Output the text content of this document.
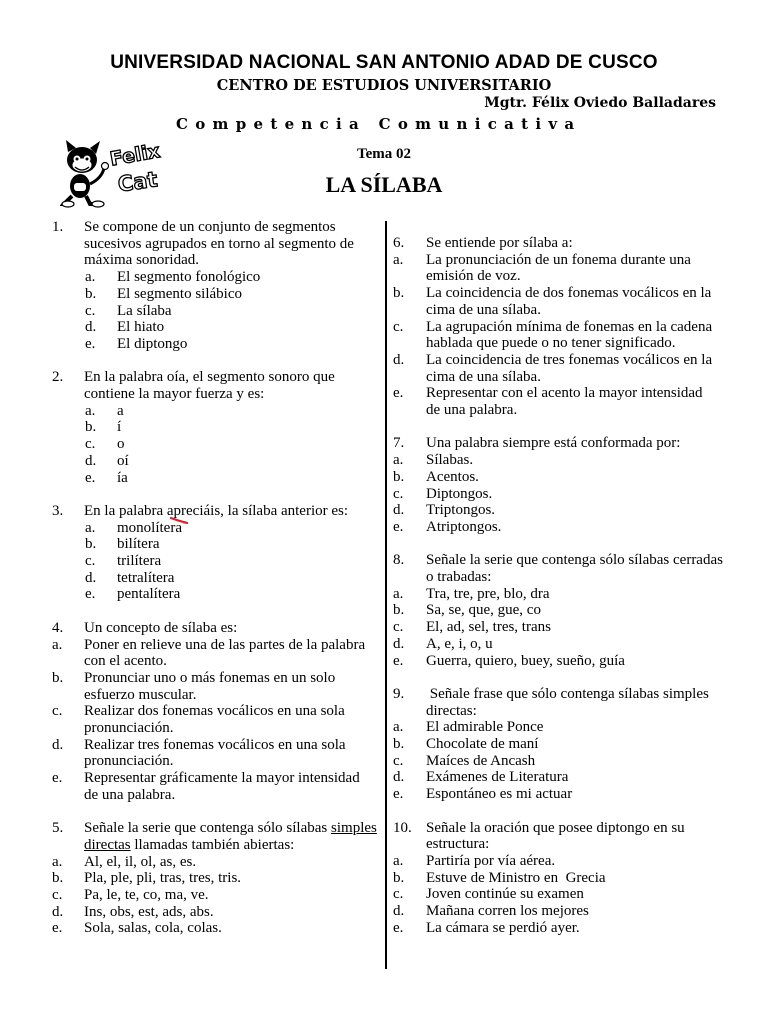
UNIVERSIDAD NACIONAL SAN ANTONIO ADAD DE CUSCO
CENTRO DE ESTUDIOS UNIVERSITARIO
Mgtr. Félix Oviedo Balladares
Competencia Comunicativa
Tema 02
LA SÍLABA
Felix
Cat
1. Se compone de un conjunto de segmentos sucesivos agrupados en torno al segmento de máxima sonoridad.
a. El segmento fonológico
b. El segmento silábico
c. La sílaba
d. El hiato
e. El diptongo
2. En la palabra oía, el segmento sonoro que contiene la mayor fuerza y es:
a. a
b. í
c. o
d. oí
e. ía
3. En la palabra apreciáis, la sílaba anterior es:
a. monolítera
b. bilítera
c. trilítera
d. tetralítera
e. pentalítera
4. Un concepto de sílaba es:
a. Poner en relieve una de las partes de la palabra con el acento.
b. Pronunciar uno o más fonemas en un solo esfuerzo muscular.
c. Realizar dos fonemas vocálicos en una sola pronunciación.
d. Realizar tres fonemas vocálicos en una sola pronunciación.
e. Representar gráficamente la mayor intensidad de una palabra.
5. Señale la serie que contenga sólo sílabas simples directas llamadas también abiertas:
a. Al, el, il, ol, as, es.
b. Pla, ple, pli, tras, tres, tris.
c. Pa, le, te, co, ma, ve.
d. Ins, obs, est, ads, abs.
e. Sola, salas, cola, colas.
6. Se entiende por sílaba a:
a. La pronunciación de un fonema durante una emisión de voz.
b. La coincidencia de dos fonemas vocálicos en la cima de una sílaba.
c. La agrupación mínima de fonemas en la cadena hablada que puede o no tener significado.
d. La coincidencia de tres fonemas vocálicos en la cima de una sílaba.
e. Representar con el acento la mayor intensidad de una palabra.
7. Una palabra siempre está conformada por:
a. Sílabas.
b. Acentos.
c. Diptongos.
d. Triptongos.
e. Atriptongos.
8. Señale la serie que contenga sólo sílabas cerradas o trabadas:
a. Tra, tre, pre, blo, dra
b. Sa, se, que, gue, co
c. El, ad, sel, tres, trans
d. A, e, i, o, u
e. Guerra, quiero, buey, sueño, guía
9. Señale frase que sólo contenga sílabas simples directas:
a. El admirable Ponce
b. Chocolate de maní
c. Maíces de Ancash
d. Exámenes de Literatura
e. Espontáneo es mi actuar
10. Señale la oración que posee diptongo en su estructura:
a. Partiría por vía aérea.
b. Estuve de Ministro en  Grecia
c. Joven continúe su examen
d. Mañana corren los mejores
e. La cámara se perdió ayer.
